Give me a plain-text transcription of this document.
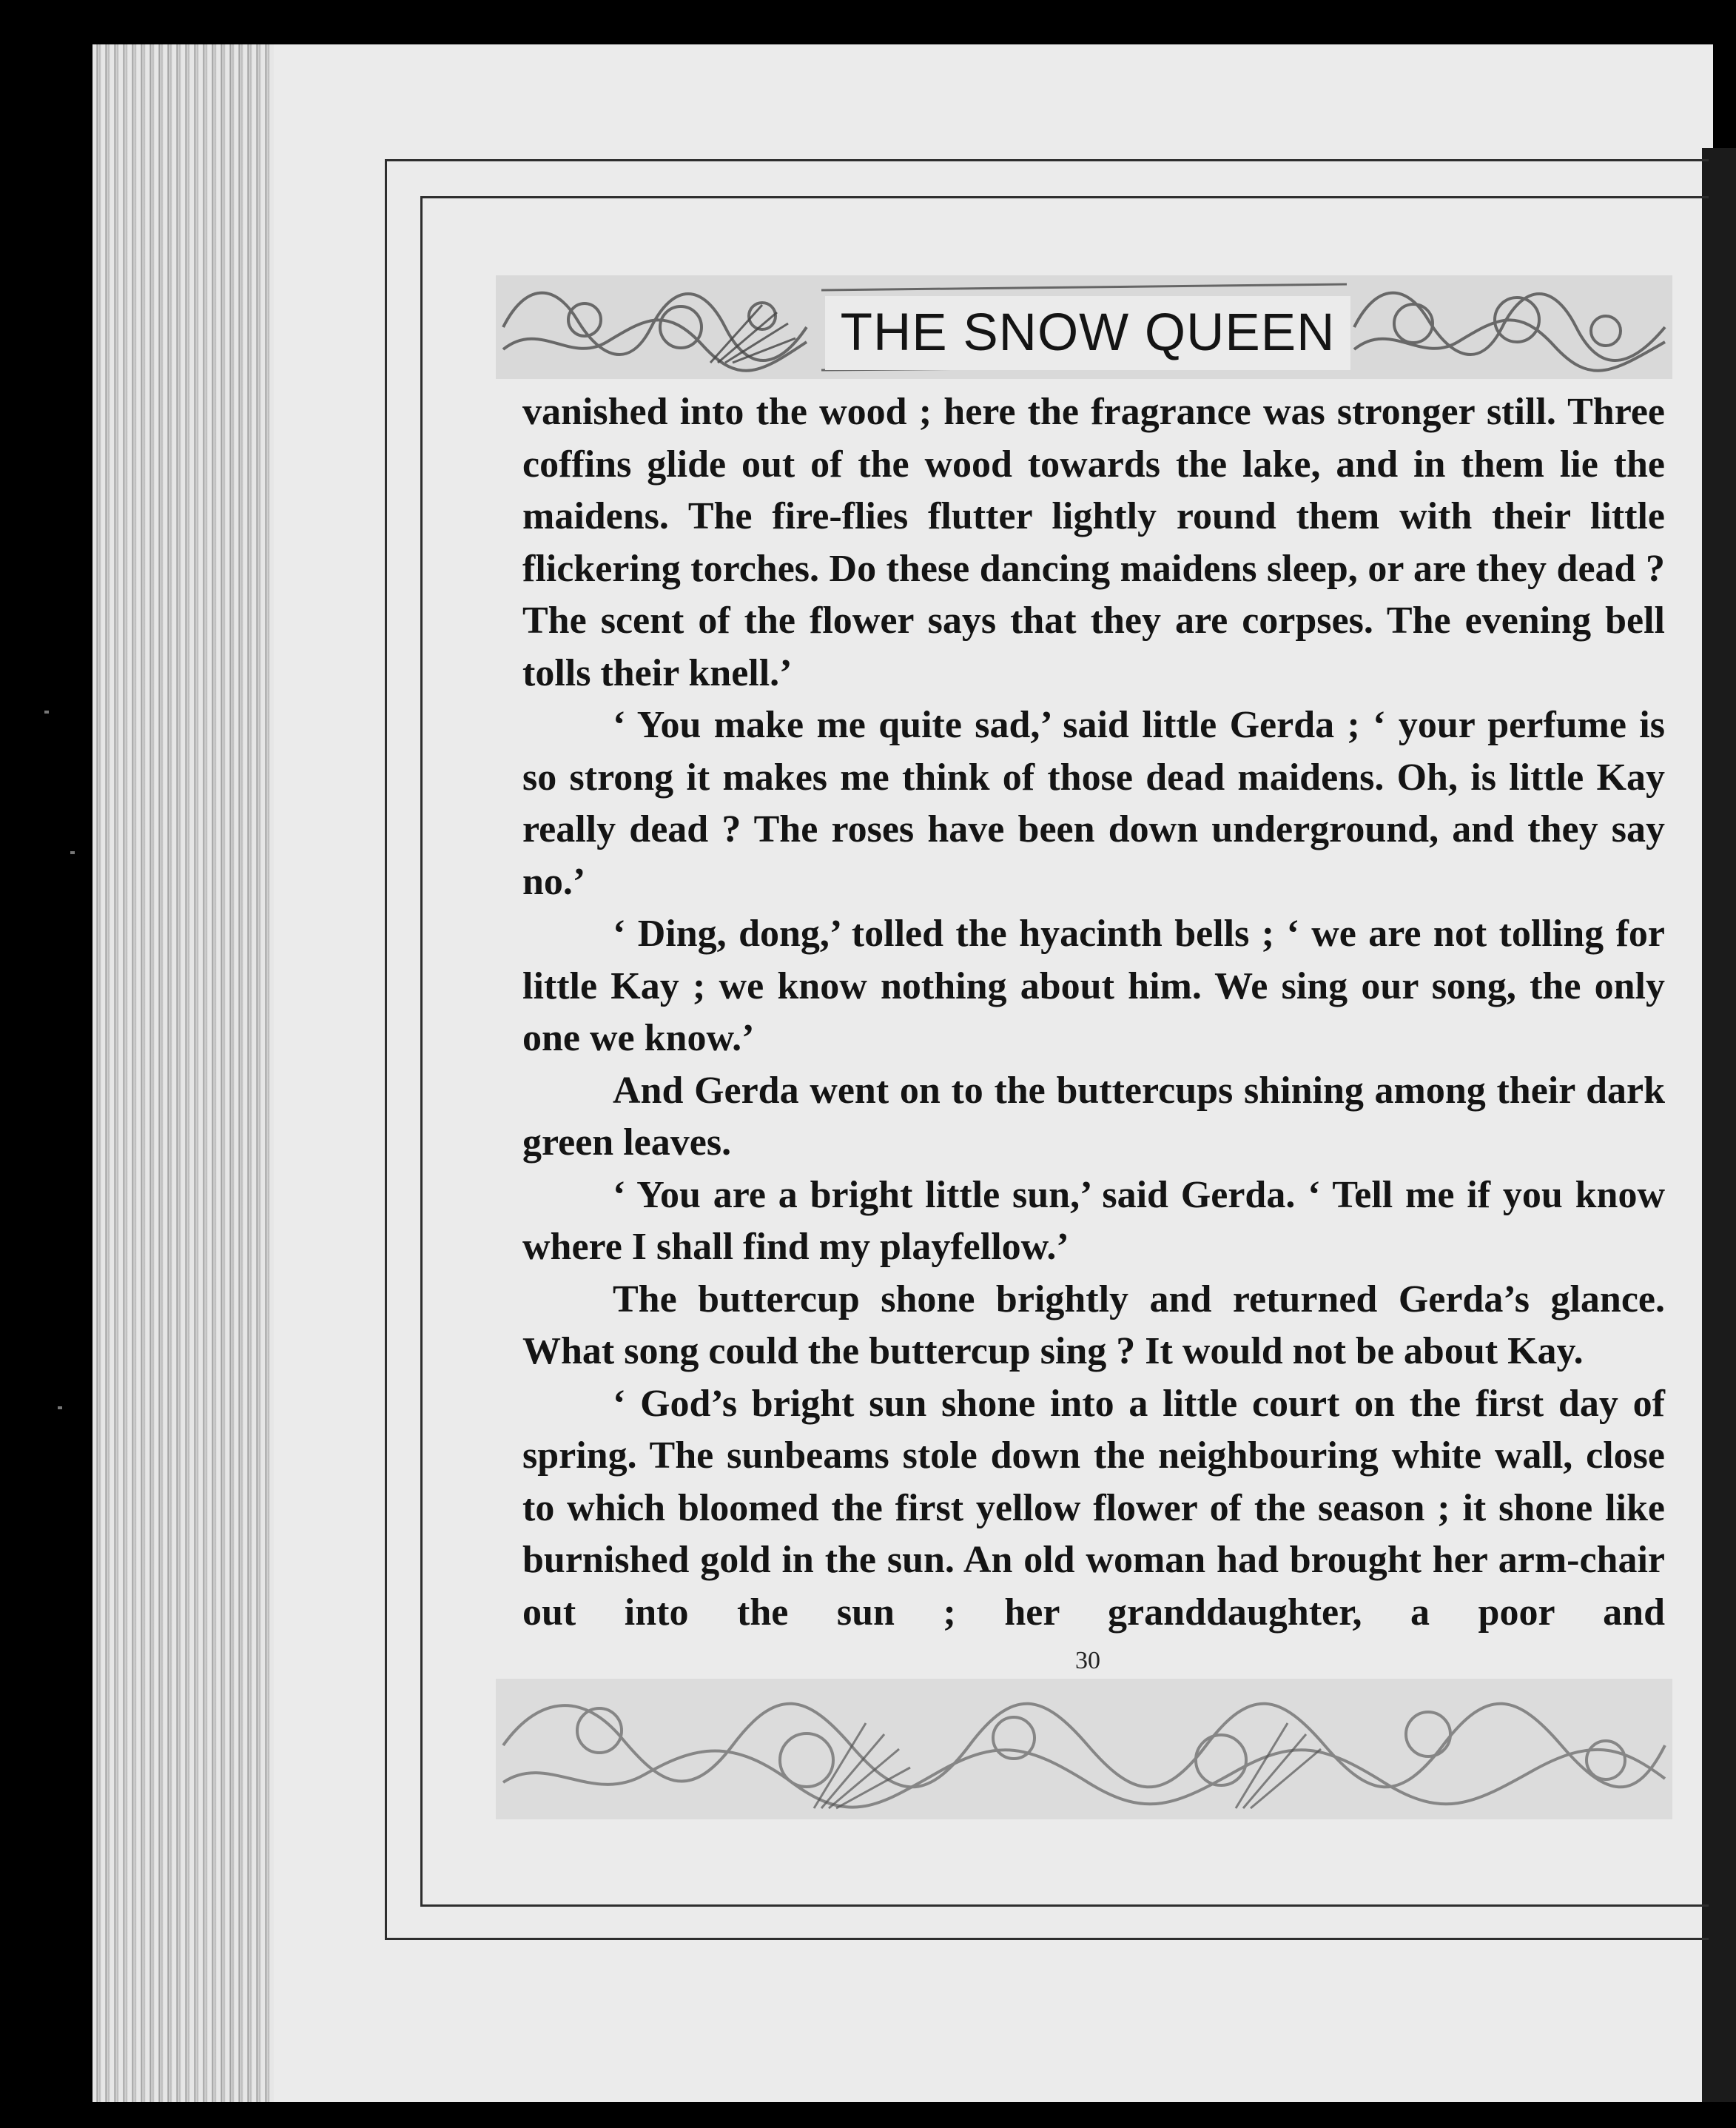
THE SNOW QUEEN

vanished into the wood ; here the fragrance was stronger still. Three coffins glide out of the wood towards the lake, and in them lie the maidens. The fire-flies flutter lightly round them with their little flickering torches. Do these dancing maidens sleep, or are they dead ? The scent of the flower says that they are corpses. The evening bell tolls their knell.’

‘ You make me quite sad,’ said little Gerda ; ‘ your perfume is so strong it makes me think of those dead maidens. Oh, is little Kay really dead ? The roses have been down underground, and they say no.’

‘ Ding, dong,’ tolled the hyacinth bells ; ‘ we are not tolling for little Kay ; we know nothing about him. We sing our song, the only one we know.’

And Gerda went on to the buttercups shining among their dark green leaves.

‘ You are a bright little sun,’ said Gerda. ‘ Tell me if you know where I shall find my playfellow.’

The buttercup shone brightly and returned Gerda’s glance. What song could the buttercup sing ? It would not be about Kay.

‘ God’s bright sun shone into a little court on the first day of spring. The sunbeams stole down the neighbouring white wall, close to which bloomed the first yellow flower of the season ; it shone like burnished gold in the sun. An old woman had brought her arm-chair out into the sun ; her granddaughter, a poor and

30
